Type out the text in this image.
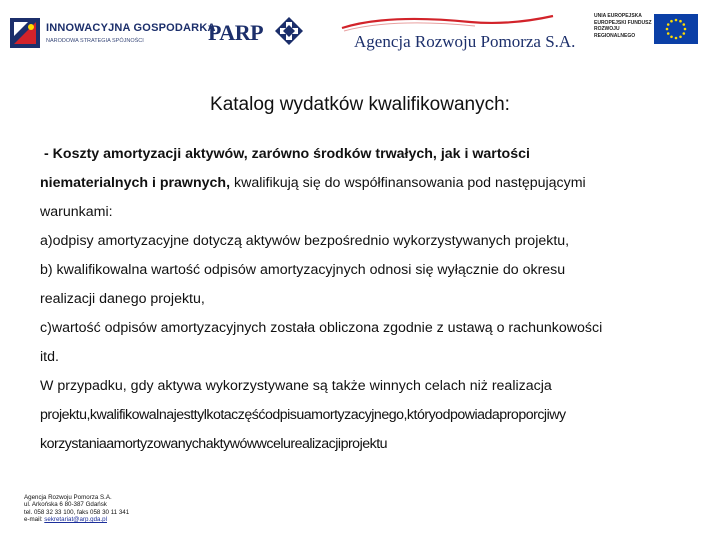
INNOWACYJNA GOSPODARKA
NARODOWA STRATEGIA SPÓJNOŚCI	PARP	Agencja Rozwoju Pomorza S.A.
UNIA EUROPEJSKA EUROPEJSKI FUNDUSZ ROZWOJU REGIONALNEGO
Katalog wydatków kwalifikowanych:

- Koszty amortyzacji aktywów, zarówno środków trwałych, jak i wartości

niematerialnych i prawnych, kwalifikują się do współfinansowania pod następującymi

warunkami:

a)odpisy amortyzacyjne dotyczą aktywów bezpośrednio wykorzystywanych projektu,

b) kwalifikowalna wartość odpisów amortyzacyjnych odnosi się wyłącznie do okresu

realizacji danego projektu,

c)wartość odpisów amortyzacyjnych została obliczona zgodnie z ustawą o rachunkowości

itd.

W przypadku, gdy aktywa wykorzystywane są także winnych celach niż realizacja

projektu,kwalifikowalnajesttylkotaczęśćodpisuamortyzacyjnego,któryodpowiadaproporcjiwy

korzystaniaamortyzowanychaktywówwcelurealizacjiprojektu

Agencja Rozwoju Pomorza S.A.
ul. Arkońska 6 80-387 Gdańsk
tel. 058 32 33 100, faks 058 30 11 341
e-mail: sekretariat@arp.gda.pl
